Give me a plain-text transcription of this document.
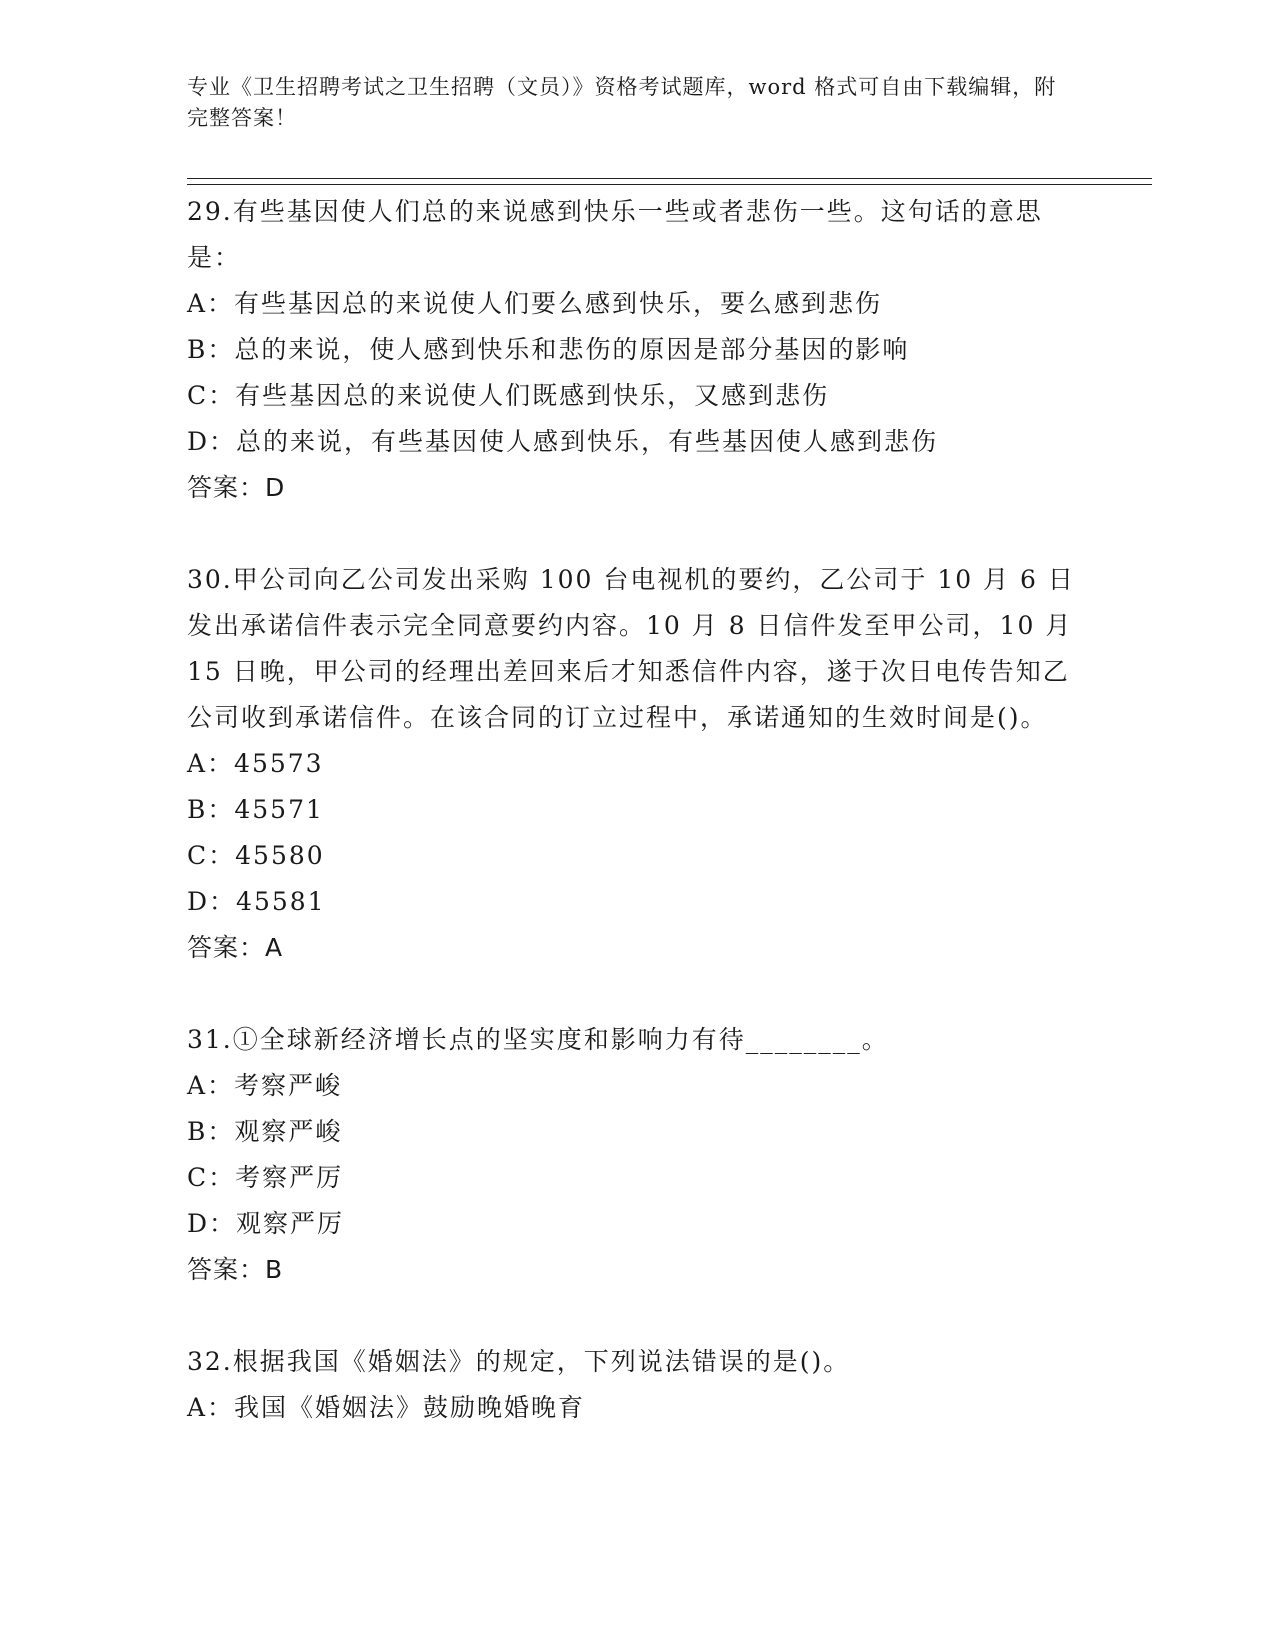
专业《卫生招聘考试之卫生招聘（文员）》资格考试题库，word 格式可自由下载编辑，附完整答案！

29.有些基因使人们总的来说感到快乐一些或者悲伤一些。这句话的意思是：

A：有些基因总的来说使人们要么感到快乐，要么感到悲伤

B：总的来说，使人感到快乐和悲伤的原因是部分基因的影响

C：有些基因总的来说使人们既感到快乐，又感到悲伤

D：总的来说，有些基因使人感到快乐，有些基因使人感到悲伤

答案：D

30.甲公司向乙公司发出采购 100 台电视机的要约，乙公司于 10 月 6 日发出承诺信件表示完全同意要约内容。10 月 8 日信件发至甲公司，10 月 15 日晚，甲公司的经理出差回来后才知悉信件内容，遂于次日电传告知乙公司收到承诺信件。在该合同的订立过程中，承诺通知的生效时间是()。

A：45573

B：45571

C：45580

D：45581

答案：A

31.①全球新经济增长点的坚实度和影响力有待________。

A：考察严峻

B：观察严峻

C：考察严厉

D：观察严厉

答案：B

32.根据我国《婚姻法》的规定，下列说法错误的是()。

A：我国《婚姻法》鼓励晚婚晚育
